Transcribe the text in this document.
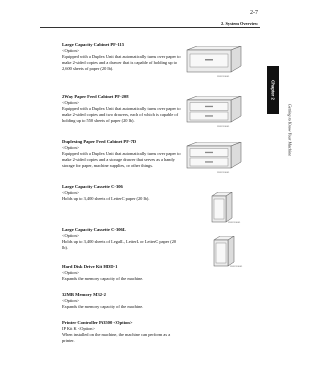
2-7
2. System Overview
Chapter 2
Getting to Know Your Machine
Large Capacity Cabinet PF-115
<Option>
Equipped with a Duplex Unit that automatically turns over paper to make 2-sided copies and a drawer that is capable of holding up to 2,600 sheets of paper (20 lb).
2Way Paper Feed Cabinet PF-208
<Option>
Equipped with a Duplex Unit that automatically turns over paper to make 2-sided copies and two drawers, each of which is capable of holding up to 550 sheets of paper (20 lb).
Duplexing Paper Feed Cabinet PF-7D
<Option>
Equipped with a Duplex Unit that automatically turns over paper to make 2-sided copies and a storage drawer that serves as a handy storage for paper, machine supplies, or other things.
Large Capacity Cassette C-306
<Option>
Holds up to 3,400 sheets of LetterC paper (20 lb).
Large Capacity Cassette C-306L
<Option>
Holds up to 3,400 sheets of LegalL, LetterL or LetterC paper (20 lb).
Hard Disk Drive Kit HDD-1
<Option>
Expands the memory capacity of the machine.
32MB Memory M32-2
<Option>
Expands the memory capacity of the machine.
Printer Controller Pi3500 <Option>
IP Kit K <Option>
When installed on the machine, the machine can perform as a printer.
1182O11001
1182O11001
1182O11001
1182O11001
1182O11001
